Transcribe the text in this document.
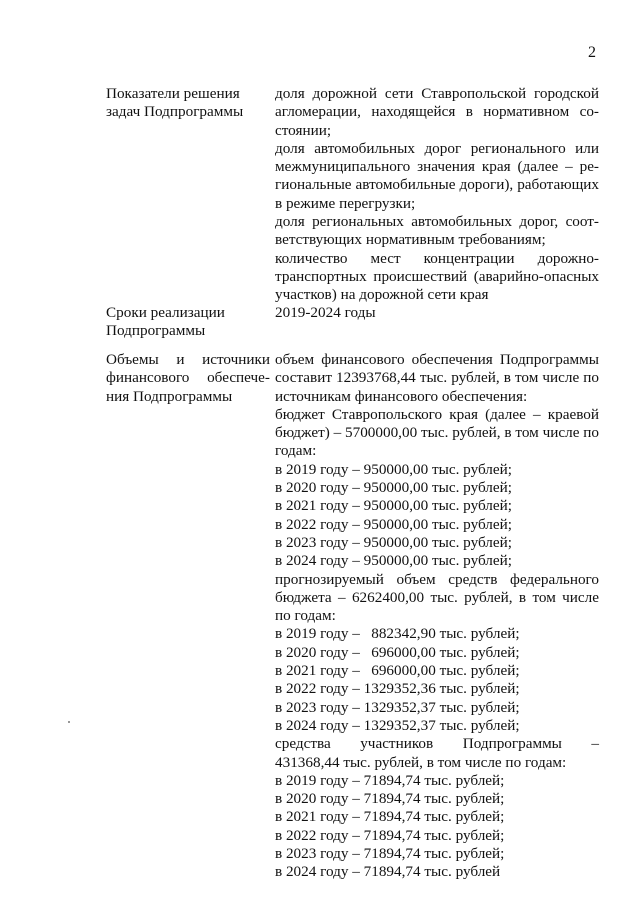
2
Показатели решения задач Подпрограммы

доля дорожной сети Ставропольской городской агломерации, находящейся в нормативном со-

стоянии;

доля автомобильных дорог регионального или межмуниципального значения края (далее – ре-

гиональные автомобильные дороги), работающих в режиме перегрузки;

доля региональных автомобильных дорог, соот-

ветствующих нормативным требованиям;

количество мест концентрации дорожно-

транспортных происшествий (аварийно-опасных участков) на дорожной сети края

Сроки реализации Подпрограммы
2019-2024 годы
Объемы и источники финансового обеспече-ния Подпрограммы

объем финансового обеспечения Подпрограммы составит 12393768,44 тыс. рублей, в том числе по источникам финансового обеспечения:

бюджет Ставропольского края (далее – краевой бюджет) – 5700000,00 тыс. рублей, в том числе по годам:

в 2019 году – 950000,00 тыс. рублей;

в 2020 году – 950000,00 тыс. рублей;

в 2021 году – 950000,00 тыс. рублей;

в 2022 году – 950000,00 тыс. рублей;

в 2023 году – 950000,00 тыс. рублей;

в 2024 году – 950000,00 тыс. рублей;

прогнозируемый объем средств федерального бюджета – 6262400,00 тыс. рублей, в том числе по годам:

в 2019 году –   882342,90 тыс. рублей;

в 2020 году –   696000,00 тыс. рублей;

в 2021 году –   696000,00 тыс. рублей;

в 2022 году – 1329352,36 тыс. рублей;

в 2023 году – 1329352,37 тыс. рублей;

в 2024 году – 1329352,37 тыс. рублей;

средства участников Подпрограммы –

431368,44 тыс. рублей, в том числе по годам:

в 2019 году – 71894,74 тыс. рублей;

в 2020 году – 71894,74 тыс. рублей;

в 2021 году – 71894,74 тыс. рублей;

в 2022 году – 71894,74 тыс. рублей;

в 2023 году – 71894,74 тыс. рублей;

в 2024 году – 71894,74 тыс. рублей
